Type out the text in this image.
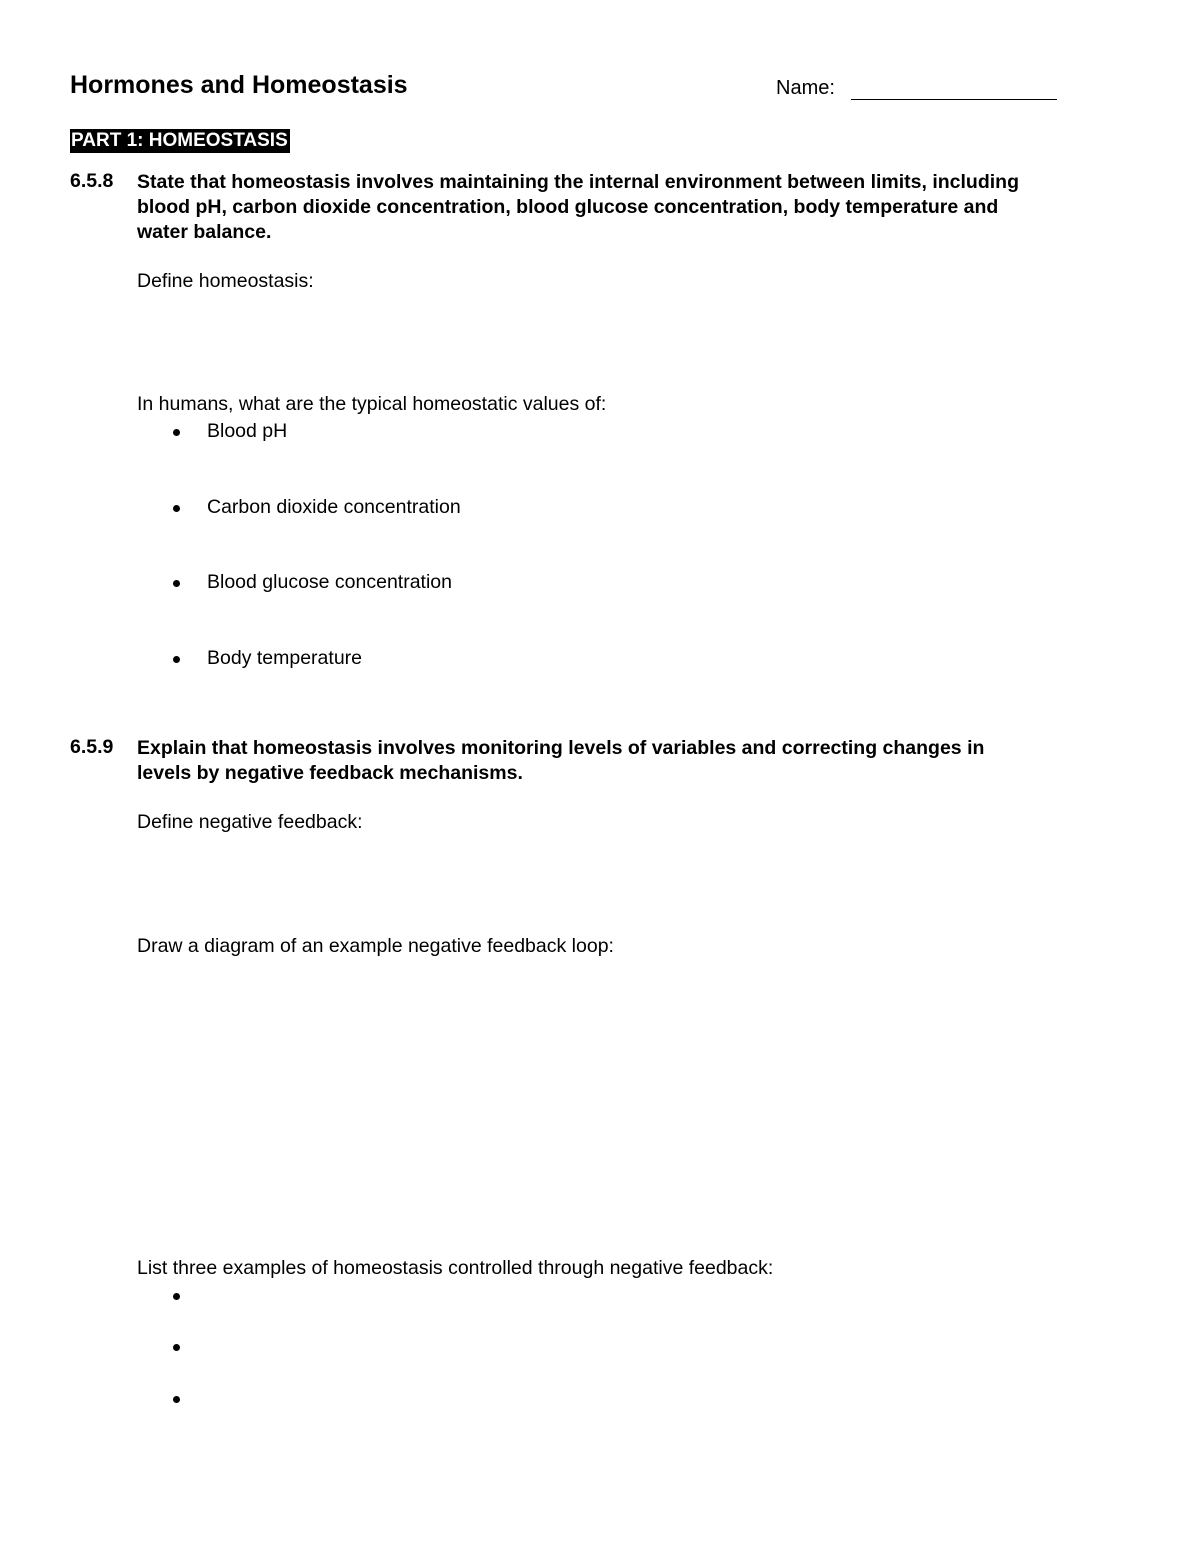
Hormones and Homeostasis	Name:
PART 1: HOMEOSTASIS
6.5.8 State that homeostasis involves maintaining the internal environment between limits, including
blood pH, carbon dioxide concentration, blood glucose concentration, body temperature and
water balance.
Define homeostasis:
In humans, what are the typical homeostatic values of:
Blood pH
Carbon dioxide concentration
Blood glucose concentration
Body temperature
6.5.9 Explain that homeostasis involves monitoring levels of variables and correcting changes in
levels by negative feedback mechanisms.
Define negative feedback:
Draw a diagram of an example negative feedback loop:
List three examples of homeostasis controlled through negative feedback:
